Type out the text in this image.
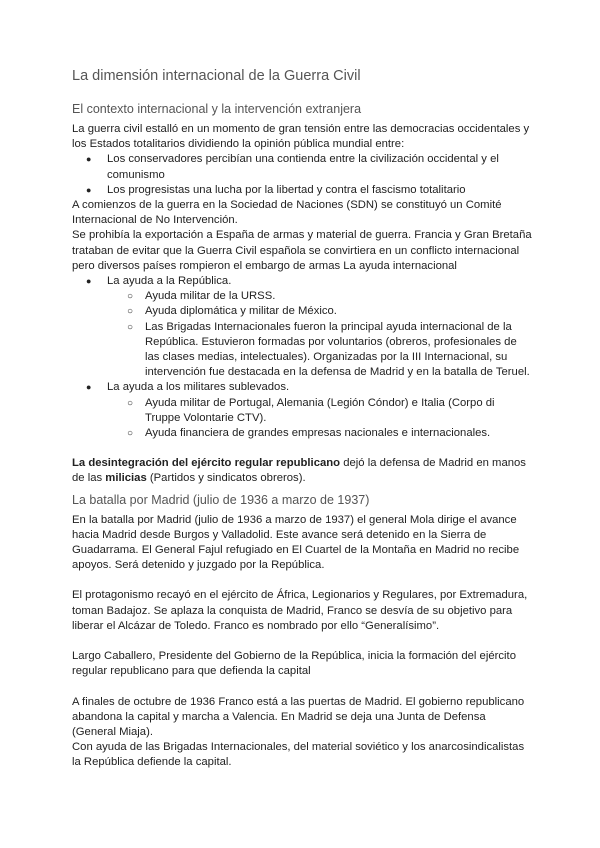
La dimensión internacional de la Guerra Civil
El contexto internacional y la intervención extranjera

La guerra civil estalló en un momento de gran tensión entre las democracias occidentales y los Estados totalitarios dividiendo la opinión pública mundial entre:

● Los conservadores percibían una contienda entre la civilización occidental y el comunismo
● Los progresistas una lucha por la libertad y contra el fascismo totalitario

A comienzos de la guerra en la Sociedad de Naciones (SDN) se constituyó un Comité Internacional de No Intervención.

Se prohibía la exportación a España de armas y material de guerra. Francia y Gran Bretaña trataban de evitar que la Guerra Civil española se convirtiera en un conflicto internacional pero diversos países rompieron el embargo de armas La ayuda internacional

● La ayuda a la República.
○ Ayuda militar de la URSS.
○ Ayuda diplomática y militar de México.
○ Las Brigadas Internacionales fueron la principal ayuda internacional de la República. Estuvieron formadas por voluntarios (obreros, profesionales de las clases medias, intelectuales). Organizadas por la III Internacional, su intervención fue destacada en la defensa de Madrid y en la batalla de Teruel.
● La ayuda a los militares sublevados.
○ Ayuda militar de Portugal, Alemania (Legión Cóndor) e Italia (Corpo di Truppe Volontarie CTV).
○ Ayuda financiera de grandes empresas nacionales e internacionales.

La desintegración del ejército regular republicano dejó la defensa de Madrid en manos de las milicias (Partidos y sindicatos obreros).

La batalla por Madrid (julio de 1936 a marzo de 1937)

En la batalla por Madrid (julio de 1936 a marzo de 1937) el general Mola dirige el avance hacia Madrid desde Burgos y Valladolid. Este avance será detenido en la Sierra de Guadarrama. El General Fajul refugiado en El Cuartel de la Montaña en Madrid no recibe apoyos. Será detenido y juzgado por la República.

El protagonismo recayó en el ejército de África, Legionarios y Regulares, por Extremadura, toman Badajoz. Se aplaza la conquista de Madrid, Franco se desvía de su objetivo para liberar el Alcázar de Toledo. Franco es nombrado por ello “Generalísimo”.

Largo Caballero, Presidente del Gobierno de la República, inicia la formación del ejército regular republicano para que defienda la capital

A finales de octubre de 1936 Franco está a las puertas de Madrid. El gobierno republicano abandona la capital y marcha a Valencia. En Madrid se deja una Junta de Defensa (General Miaja).

Con ayuda de las Brigadas Internacionales, del material soviético y los anarcosindicalistas la República defiende la capital.
